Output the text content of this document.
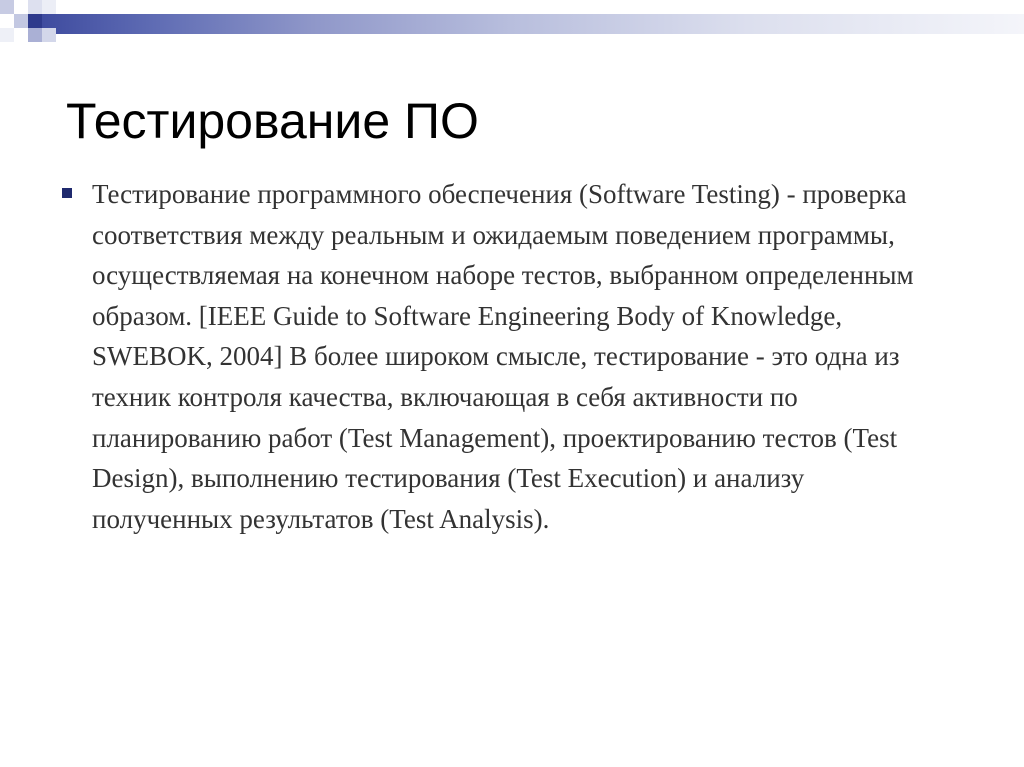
Тестирование ПО
Тестирование программного обеспечения (Software Testing) - проверка соответствия между реальным и ожидаемым поведением программы, осуществляемая на конечном наборе тестов, выбранном определенным образом. [IEEE Guide to Software Engineering Body of Knowledge, SWEBOK, 2004] В более широком смысле, тестирование - это одна из техник контроля качества, включающая в себя активности по планированию работ (Test Management), проектированию тестов (Test Design), выполнению тестирования (Test Execution) и анализу полученных результатов (Test Analysis).
